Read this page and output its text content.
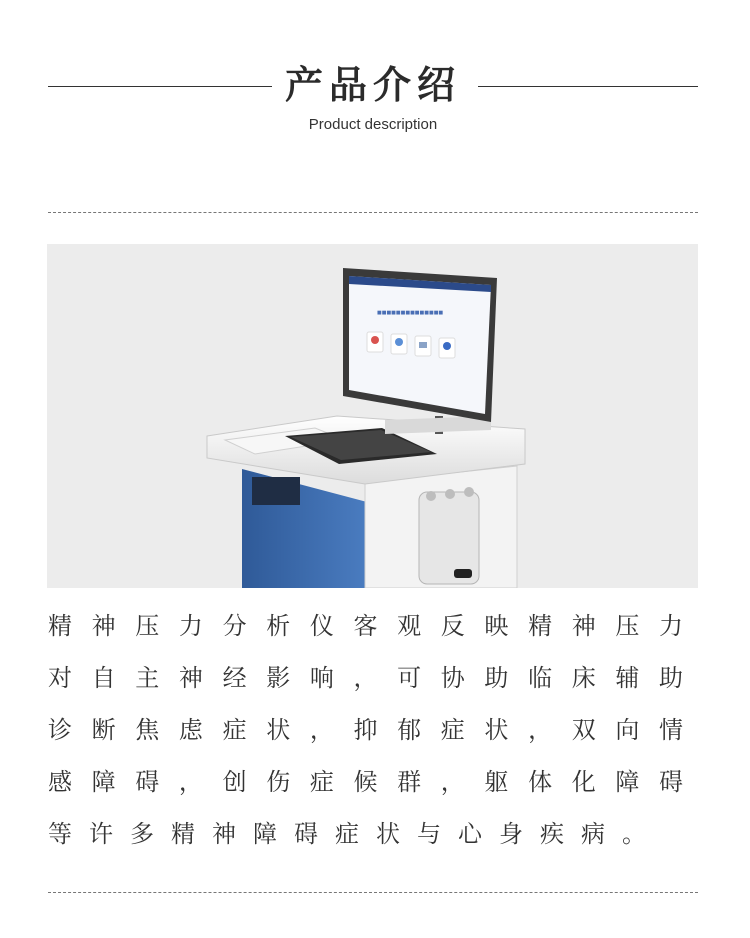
产品介绍
Product description
■■■■■■■■■■■■■■
精神压力分析仪客观反映精神压力对自主神经影响，可协助临床辅助诊断焦虑症状，抑郁症状，双向情感障碍，创伤症候群，躯体化障碍等许多精神障碍症状与心身疾病。
